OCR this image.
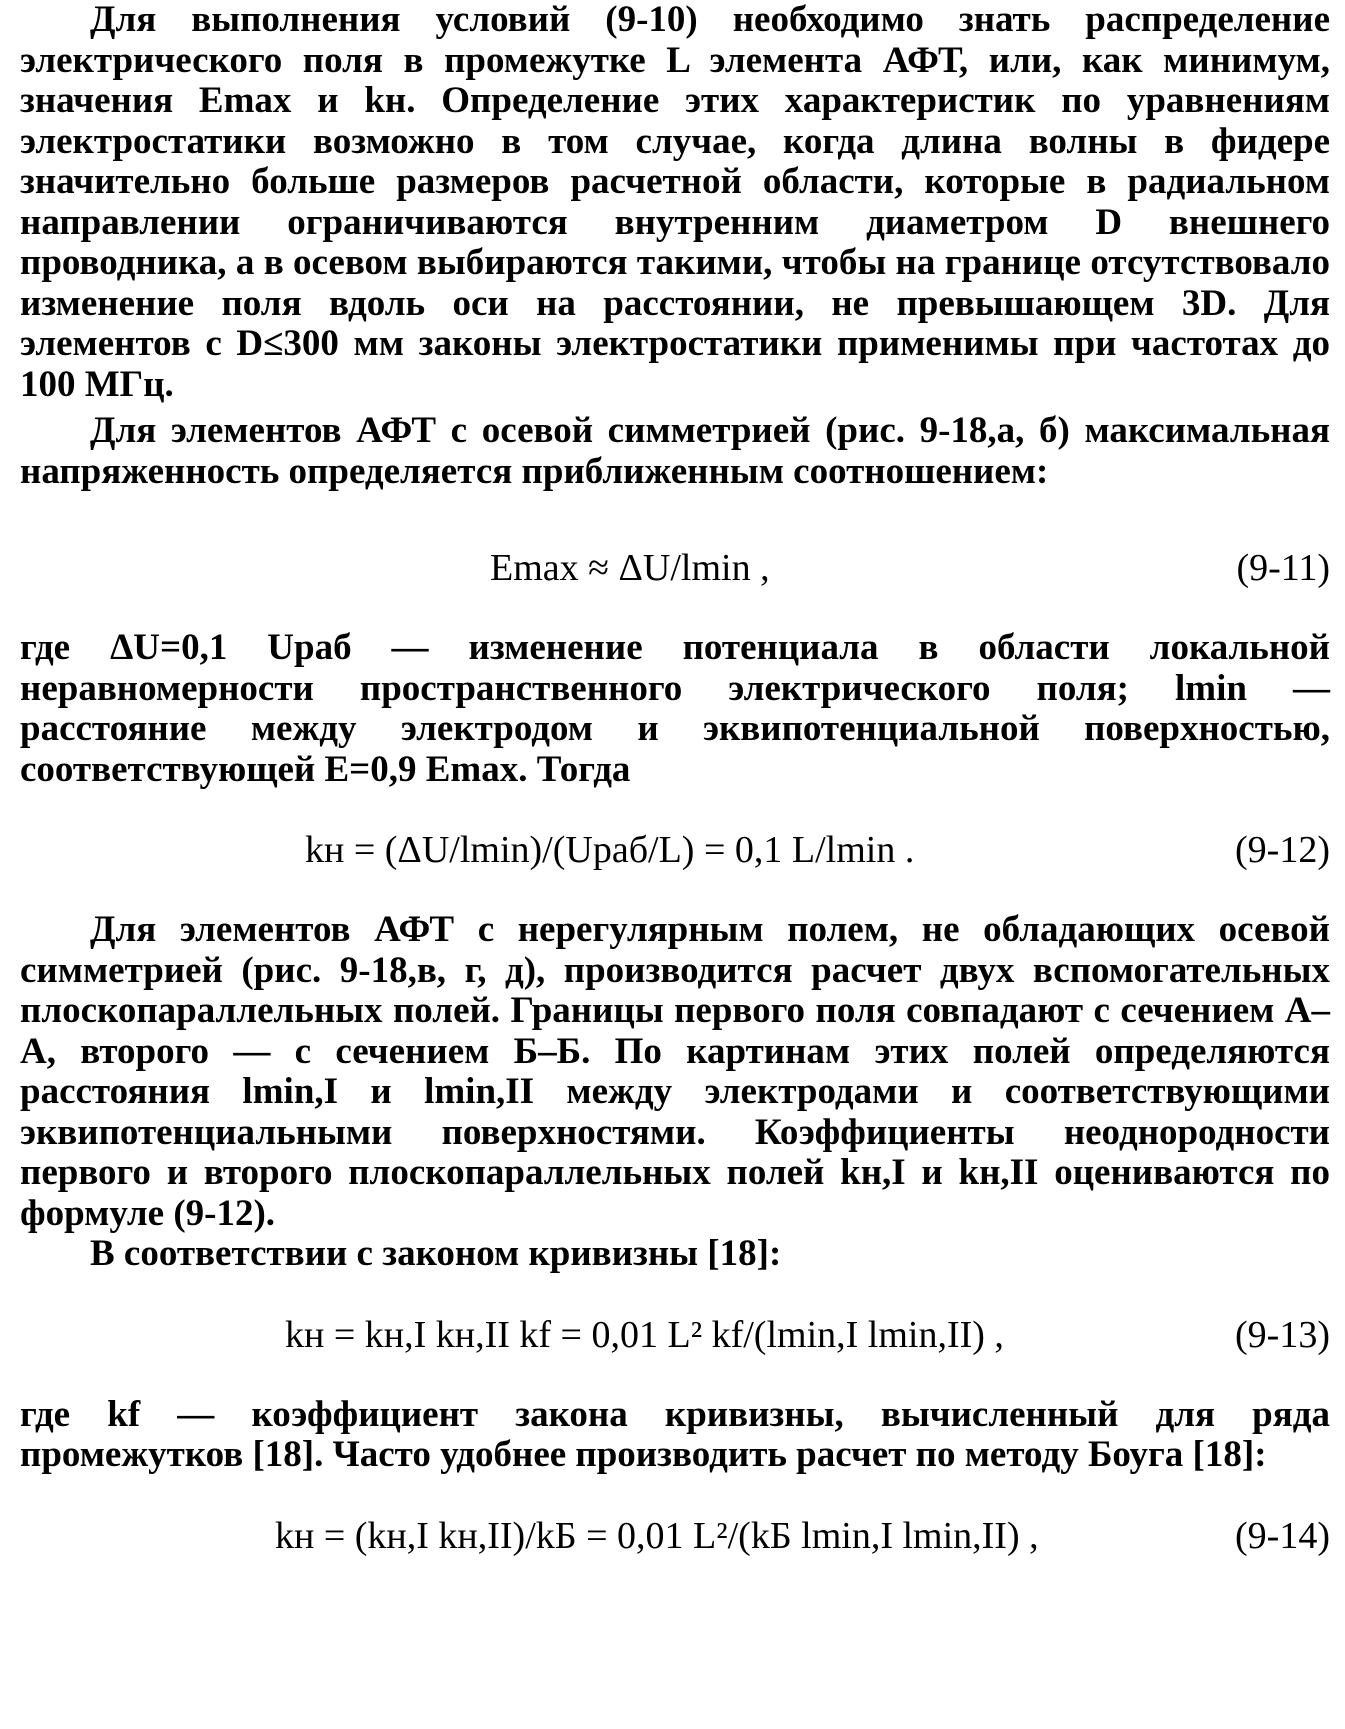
Для выполнения условий (9-10) необходимо знать распределение электрического поля в промежутке L элемента АФТ, или, как минимум, значения Emax и kн. Определение этих характеристик по уравнениям электростатики возможно в том случае, когда длина волны в фидере значительно больше размеров расчетной области, которые в радиальном направлении ограничиваются внутренним диаметром D внешнего проводника, а в осевом выбираются такими, чтобы на границе отсутствовало изменение поля вдоль оси на расстоянии, не превышающем 3D. Для элементов с D≤300 мм законы электростатики применимы при частотах до 100 МГц.

Для элементов АФТ с осевой симметрией (рис. 9-18,а, б) максимальная напряженность определяется приближенным соотношением:

Emax ≈ ΔU/lmin ,	(9-11)

где ΔU=0,1 Uраб — изменение потенциала в области локальной неравномерности пространственного электрического поля; lmin — расстояние между электродом и эквипотенциальной поверхностью, соответствующей E=0,9 Emax. Тогда

kн = (ΔU/lmin)/(Uраб/L) = 0,1 L/lmin .	(9-12)

Для элементов АФТ с нерегулярным полем, не обладающих осевой симметрией (рис. 9-18,в, г, д), производится расчет двух вспомогательных плоскопараллельных полей. Границы первого поля совпадают с сечением А–А, второго — с сечением Б–Б. По картинам этих полей определяются расстояния lmin,I и lmin,II между электродами и соответствующими эквипотенциальными поверхностями. Коэффициенты неоднородности первого и второго плоскопараллельных полей kн,I и kн,II оцениваются по формуле (9-12).

В соответствии с законом кривизны [18]:

kн = kн,I kн,II kf = 0,01 L² kf/(lmin,I lmin,II) ,	(9-13)

где kf — коэффициент закона кривизны, вычисленный для ряда промежутков [18]. Часто удобнее производить расчет по методу Боуга [18]:

kн = (kн,I kн,II)/kБ = 0,01 L²/(kБ lmin,I lmin,II) ,	(9-14)
